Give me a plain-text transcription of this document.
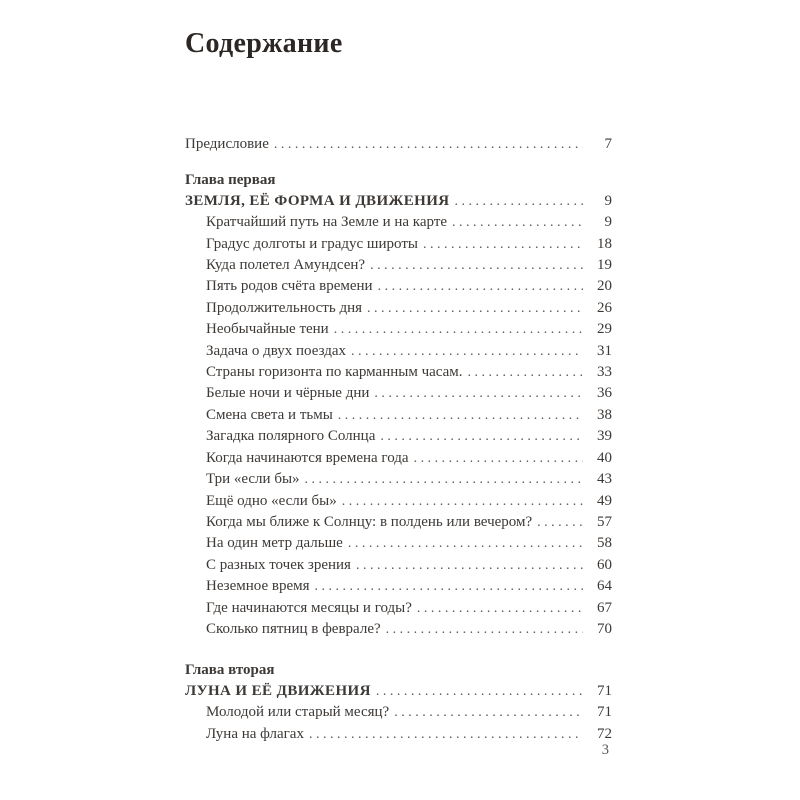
Содержание
Предисловие .....	7
Глава первая
ЗЕМЛЯ, ЕЁ ФОРМА И ДВИЖЕНИЯ .....	9
Кратчайший путь на Земле и на карте .....	9
Градус долготы и градус широты .....	18
Куда полетел Амундсен? .....	19
Пять родов счёта времени .....	20
Продолжительность дня .....	26
Необычайные тени .....	29
Задача о двух поездах .....	31
Страны горизонта по карманным часам. .....	33
Белые ночи и чёрные дни .....	36
Смена света и тьмы .....	38
Загадка полярного Солнца .....	39
Когда начинаются времена года .....	40
Три «если бы» .....	43
Ещё одно «если бы» .....	49
Когда мы ближе к Солнцу: в полдень или вечером? .....	57
На один метр дальше .....	58
С разных точек зрения .....	60
Неземное время .....	64
Где начинаются месяцы и годы? .....	67
Сколько пятниц в феврале? .....	70
Глава вторая
ЛУНА И ЕЁ ДВИЖЕНИЯ .....	71
Молодой или старый месяц? .....	71
Луна на флагах .....	72
3
